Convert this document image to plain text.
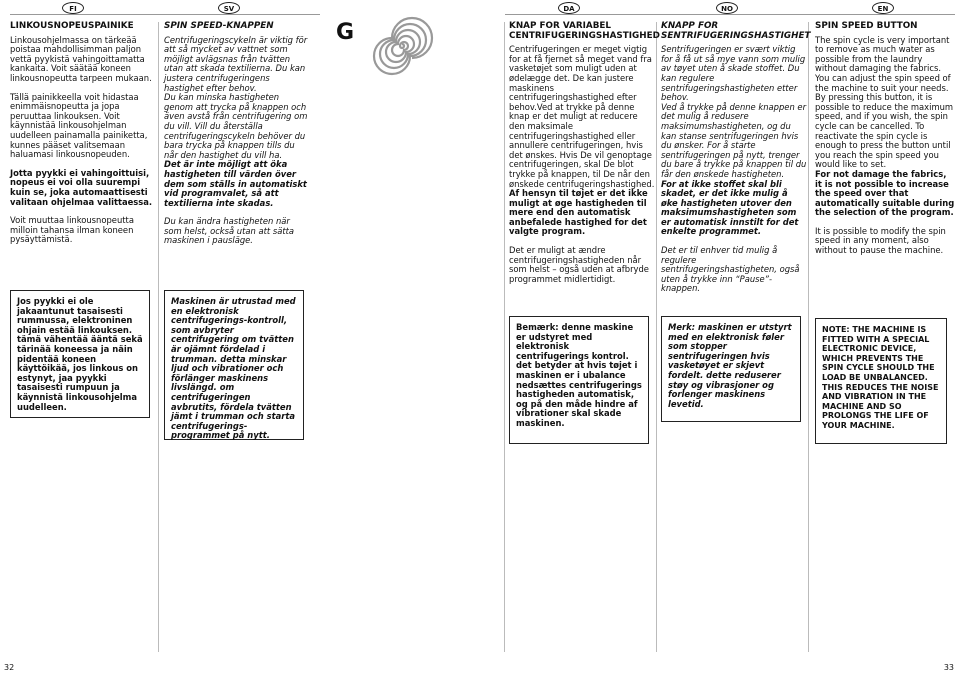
FI	SV	DA	NO	EN
G
LINKOUSNOPEUSPAINIKE

Linkousohjelmassa on tärkeää poistaa mahdollisimman paljon vettä pyykistä vahingoittamatta kankaita. Voit säätää koneen linkousnopeutta tarpeen mukaan.

Tällä painikkeella voit hidastaa enimmäisnopeutta ja jopa peruuttaa linkouksen. Voit käynnistää linkousohjelman uudelleen painamalla painiketta, kunnes pääset valitsemaan haluamasi linkousnopeuden.

Jotta pyykki ei vahingoittuisi, nopeus ei voi olla suurempi kuin se, joka automaattisesti valitaan ohjelmaa valittaessa.

Voit muuttaa linkousnopeutta milloin tahansa ilman koneen pysäyttämistä.

Jos pyykki ei ole jakaantunut tasaisesti rummussa, elektroninen ohjain estää linkouksen. tämä vähentää ääntä sekä tärinää koneessa ja näin pidentää koneen käyttöikää, jos linkous on estynyt, jaa pyykki tasaisesti rumpuun ja käynnistä linkousohjelma uudelleen.
SPIN SPEED-KNAPPEN

Centrifugeringscykeln är viktig för att så mycket av vattnet som möjligt avlägsnas från tvätten utan att skada textilierna. Du kan justera centrifugeringens hastighet efter behov.

Du kan minska hastigheten genom att trycka på knappen och även avstå från centrifugering om du vill. Vill du återställa centrifugeringscykeln behöver du bara trycka på knappen tills du når den hastighet du vill ha.

Det är inte möjligt att öka hastigheten till värden över dem som ställs in automatiskt vid programvalet, så att textilierna inte skadas.

Du kan ändra hastigheten när som helst, också utan att sätta maskinen i pausläge.

Maskinen är utrustad med en elektronisk centrifugerings-kontroll, som avbryter centrifugering om tvätten är ojämnt fördelad i trumman. detta minskar ljud och vibrationer och förlänger maskinens livslängd. om centrifugeringen avbrutits, fördela tvätten jämt i trumman och starta centrifugerings-programmet på nytt.
KNAP FOR VARIABEL CENTRIFUGERINGSHASTIGHED

Centrifugeringen er meget vigtig for at få fjernet så meget vand fra vasketøjet som muligt uden at ødelægge det. De kan justere maskinens centrifugeringshastighed efter behov.Ved at trykke på denne knap er det muligt at reducere den maksimale centrifugeringshastighed eller annullere centrifugeringen, hvis det ønskes. Hvis De vil genoptage centrifugeringen, skal De blot trykke på knappen, til De når den ønskede centrifugeringshastighed.

Af hensyn til tøjet er det ikke muligt at øge hastigheden til mere end den automatisk anbefalede hastighed for det valgte program.

Det er muligt at ændre centrifugeringshastigheden når som helst – også uden at afbryde programmet midlertidigt.

Bemærk: denne maskine er udstyret med elektronisk centrifugerings kontrol. det betyder at hvis tøjet i maskinen er i ubalance nedsættes centrifugerings hastigheden automatisk, og på den måde hindre af vibrationer skal skade maskinen.
KNAPP FOR SENTRIFUGERINGSHASTIGHET

Sentrifugeringen er svært viktig for å få ut så mye vann som mulig av tøyet uten å skade stoffet. Du kan regulere sentrifugeringshastigheten etter behov.

Ved å trykke på denne knappen er det mulig å redusere maksimumshastigheten, og du kan stanse sentrifugeringen hvis du ønsker. For å starte sentrifugeringen på nytt, trenger du bare å trykke på knappen til du får den ønskede hastigheten.

For at ikke stoffet skal bli skadet, er det ikke mulig å øke hastigheten utover den maksimumshastigheten som er automatisk innstilt for det enkelte programmet.

Det er til enhver tid mulig å regulere sentrifugeringshastigheten, også uten å trykke inn “Pause”-knappen.

Merk: maskinen er utstyrt med en elektronisk føler som stopper sentrifugeringen hvis vasketøyet er skjevt fordelt. dette reduserer støy og vibrasjoner og forlenger maskinens levetid.
SPIN SPEED BUTTON

The spin cycle is very important to remove as much water as possible from the laundry without damaging the fabrics. You can adjust the spin speed of the machine to suit your needs.

By pressing this button, it is possible to reduce the maximum speed, and if you wish, the spin cycle can be cancelled. To reactivate the spin cycle is enough to press the button until you reach the spin speed you would like to set.

For not damage the fabrics, it is not possible to increase the speed over that automatically suitable during the selection of the program.

It is possible to modify the spin speed in any moment, also without to pause the machine.

NOTE: THE MACHINE IS FITTED WITH A SPECIAL ELECTRONIC DEVICE, WHICH PREVENTS THE SPIN CYCLE SHOULD THE LOAD BE UNBALANCED. THIS REDUCES THE NOISE AND VIBRATION IN THE MACHINE AND SO PROLONGS THE LIFE OF YOUR MACHINE.
32	33
